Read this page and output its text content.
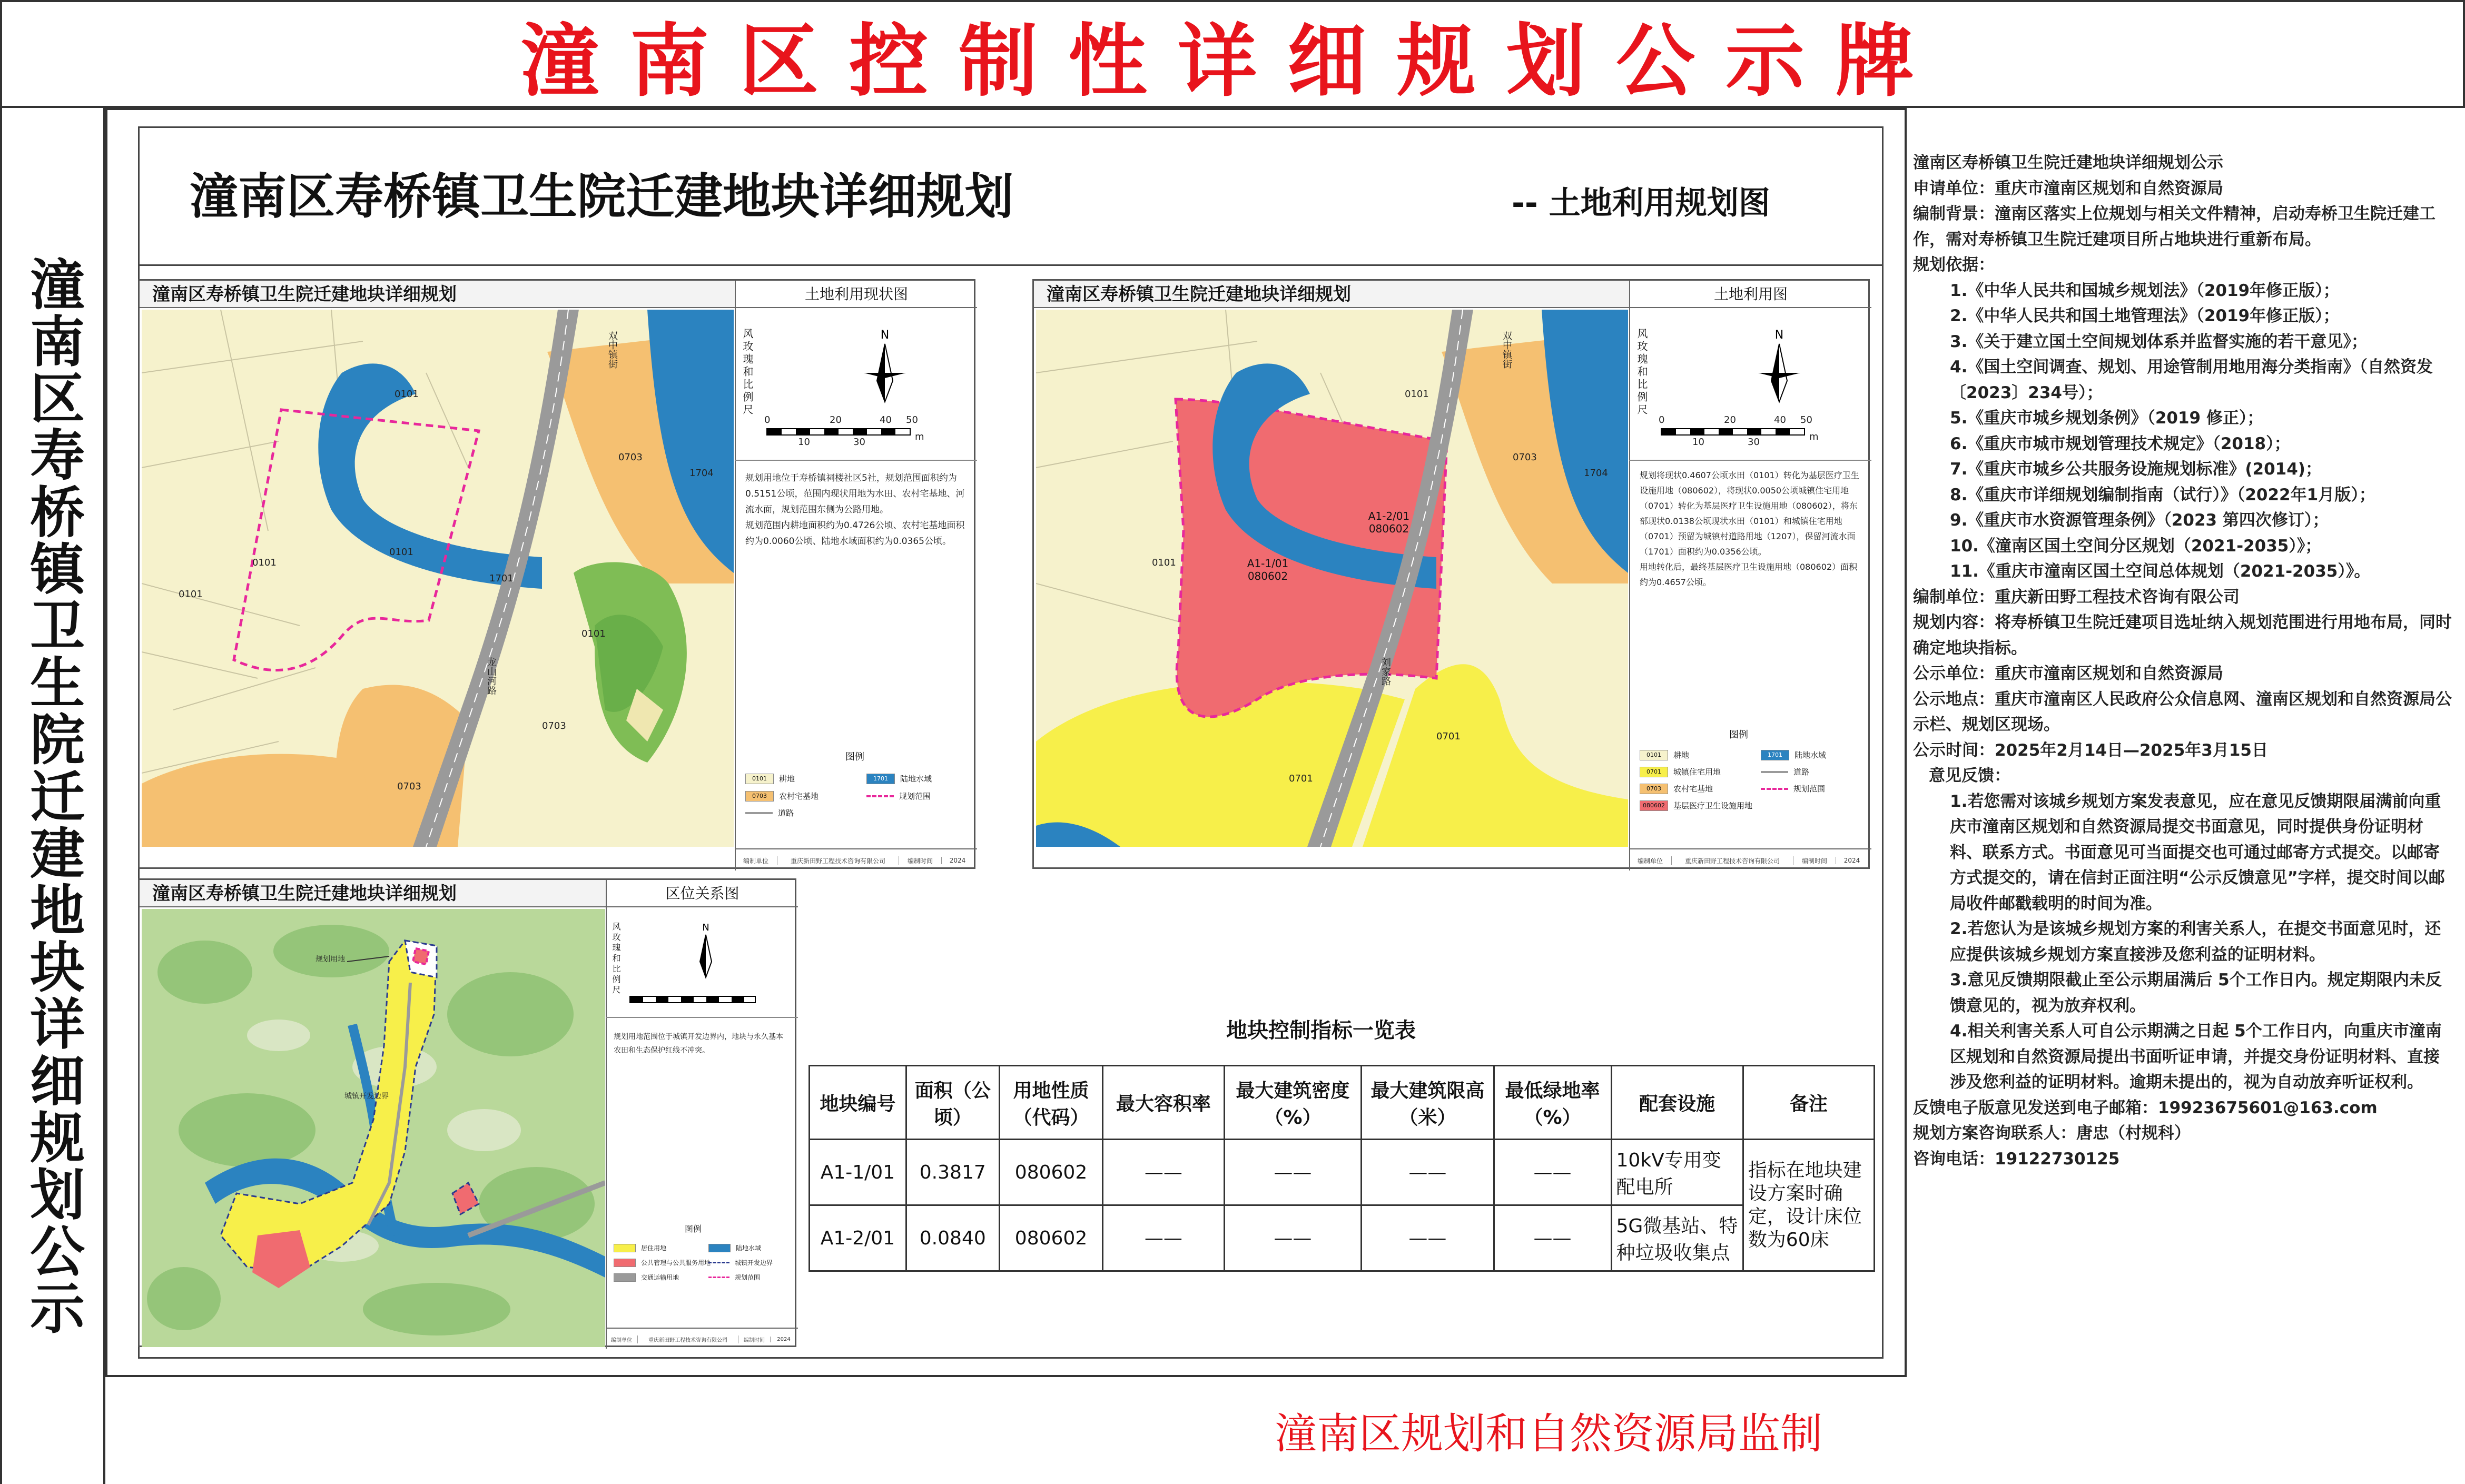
潼南区控制性详细规划公示牌
潼南区寿桥镇卫生院迁建地块详细规划公示
潼南区寿桥镇卫生院迁建地块详细规划	-- 土地利用规划图
潼南区寿桥镇卫生院迁建地块详细规划	土地利用现状图
0101
0101
0101
0101
0703
1704
1701
0101
0703
0703
龙山河路
双中镇街
编制单位	重庆新田野工程技术咨询有限公司	编制时间	2024
风玫瑰和比例尺	N
0	20	40 50
10	30	m
规划用地位于寿桥镇祠楼社区5社，规划范围面积约为0.5151公顷，范围内现状用地为水田、农村宅基地、河流水面，规划范围东侧为公路用地。
规划范围内耕地面积约为0.4726公顷、农村宅基地面积约为0.0060公顷、陆地水域面积约为0.0365公顷。
图例
0101	耕地	1701	陆地水域
0703	农村宅基地	规划范围
道路
潼南区寿桥镇卫生院迁建地块详细规划	土地利用图
0101
0101
0703
1704
0701
0701
刘家路
双中镇街
A1-1/01
080602
A1-2/01
080602
编制单位	重庆新田野工程技术咨询有限公司	编制时间	2024
风玫瑰和比例尺	N
0	20	40 50
10	30	m
规划将现状0.4607公顷水田（0101）转化为基层医疗卫生设施用地（080602），将现状0.0050公顷城镇住宅用地（0701）转化为基层医疗卫生设施用地（080602），将东部现状0.0138公顷现状水田（0101）和城镇住宅用地（0701）预留为城镇村道路用地（1207），保留河流水面（1701）面积约为0.0356公顷。
用地转化后，最终基层医疗卫生设施用地（080602）面积约为0.4657公顷。
图例
0101	耕地	1701	陆地水域
0701	城镇住宅用地	道路
0703	农村宅基地	规划范围
080602	基层医疗卫生设施用地
潼南区寿桥镇卫生院迁建地块详细规划	区位关系图
规划用地
城镇开发边界
编制单位	重庆新田野工程技术咨询有限公司	编制时间	2024
风玫瑰和比例尺	N
规划用地范围位于城镇开发边界内，地块与永久基本农田和生态保护红线不冲突。
图例
居住用地	陆地水域
公共管理与公共服务用地	城镇开发边界
交通运输用地	规划范围
地块控制指标一览表
地块编号	面积（公顷）	用地性质（代码）	最大容积率	最大建筑密度（%）	最大建筑限高（米）	最低绿地率（%）	配套设施	备注
A1-1/01	0.3817	080602	——	——	——	——	10kV专用变配电所	指标在地块建设方案时确定，设计床位数为60床
A1-2/01	0.0840	080602	——	——	——	——	5G微基站、特种垃圾收集点	
潼南区寿桥镇卫生院迁建地块详细规划公示
申请单位：重庆市潼南区规划和自然资源局
编制背景：潼南区落实上位规划与相关文件精神，启动寿桥卫生院迁建工作，需对寿桥镇卫生院迁建项目所占地块进行重新布局。
规划依据：
1.《中华人民共和国城乡规划法》（2019年修正版）；
2.《中华人民共和国土地管理法》（2019年修正版）；
3.《关于建立国土空间规划体系并监督实施的若干意见》；
4.《国土空间调查、规划、用途管制用地用海分类指南》（自然资发〔2023〕234号）；
5.《重庆市城乡规划条例》（2019 修正）；
6.《重庆市城市规划管理技术规定》（2018）；
7.《重庆市城乡公共服务设施规划标准》(2014)；
8.《重庆市详细规划编制指南（试行）》（2022年1月版）；
9.《重庆市水资源管理条例》（2023 第四次修订）；
10.《潼南区国土空间分区规划（2021-2035）》；
11.《重庆市潼南区国土空间总体规划（2021-2035）》。
编制单位：重庆新田野工程技术咨询有限公司
规划内容：将寿桥镇卫生院迁建项目选址纳入规划范围进行用地布局，同时确定地块指标。
公示单位：重庆市潼南区规划和自然资源局
公示地点：重庆市潼南区人民政府公众信息网、潼南区规划和自然资源局公示栏、规划区现场。
公示时间：2025年2月14日—2025年3月15日
意见反馈：
1.若您需对该城乡规划方案发表意见，应在意见反馈期限届满前向重庆市潼南区规划和自然资源局提交书面意见，同时提供身份证明材料、联系方式。书面意见可当面提交也可通过邮寄方式提交。以邮寄方式提交的，请在信封正面注明“公示反馈意见”字样，提交时间以邮局收件邮戳载明的时间为准。
2.若您认为是该城乡规划方案的利害关系人，在提交书面意见时，还应提供该城乡规划方案直接涉及您利益的证明材料。
3.意见反馈期限截止至公示期届满后 5个工作日内。规定期限内未反馈意见的，视为放弃权利。
4.相关利害关系人可自公示期满之日起 5个工作日内，向重庆市潼南区规划和自然资源局提出书面听证申请，并提交身份证明材料、直接涉及您利益的证明材料。逾期未提出的，视为自动放弃听证权利。
反馈电子版意见发送到电子邮箱：19923675601@163.com
规划方案咨询联系人：唐忠（村规科）
咨询电话：19122730125
潼南区规划和自然资源局监制
